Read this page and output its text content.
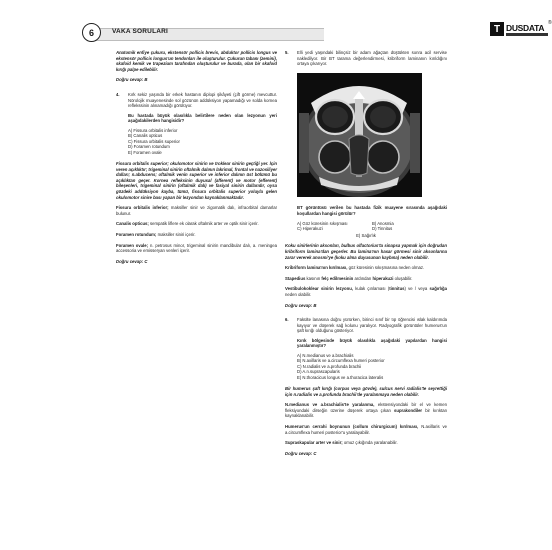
6	VAKA SORULARI	T DUSDATA ®

Anatomik enfiye çukuru, ekstensör pollicis brevis, abduktor pollicis longus ve ekstensör pollicis longus'un tendonları ile oluşturulur. Çukurun tabanı (zemini), skafoid kemik ve trapezium tarafından oluşturulur ve burada, olan bir skafoid kırığı palpe edilebilir.

Doğru cevap: B

4.	Kırk sekiz yaşında bir erkek hastanın diplopi şikâyeti (çift görme) mevcuttur. Nörolojik muayenesinde sol gözünün addüksiyon yapamadığı ve solda kornea reflekssinin alınamadığı görülüyor.

Bu hastada büyük olasılıkla belirtilere neden olan lezyonun yeri aşağıdakilerden hangisidir?

A) Fissura orbitalis inferior
B) Canalis opticus
C) Fissura orbitalis superior
D) Foramen rotundum
E) Foramen ovale

Fissura orbitalis superior; okulomotor sinirin ve troklear sinirin geçtiği yer. İçin veren açıklıktır; trigeminal sinirin oftalmik dalının lakrimal, frontal ve nazosiliyer dalları; n.abducens; oftalmik venin superior ve inferior dalının üst bölümü bu açıklıktan geçer. Kornea refleksinin duyusal (afferent) ve motor (efferent) bileşenleri, trigeminal sinirin (oftalmik dalı) ve fasiyal sinirin dallarıdır, oysa gözdeki addüksiyon kayba, tümü, fissura orbitalis superior yoluyla gelen okulomotor sinire bası yapan bir lezyondan kaynaklanmaktadır.

Fissura orbitalis inferior; maksiller sinir ve zigomatik dalı, infraorbital damarlar bulunur.

Canalis opticus; sempatik liflere ek olarak oftalmik arter ve optik sinir içerir.

Foramen rotundum; maksiller siniri içerir.

Foramen ovale; n. petrosus minor, trigeminal sinirin mandibular dalı, a. meningea accessoria ve emisseryan venleri içerir.

Doğru cevap: C

5.	Elli yedi yaşındaki bilinçsiz bir adam ağaçtan düştükten sonra acil servise nakledilyor. Bir BT tarama değerlendirmesi, kribriform laminanın kırıldığını ortaya çıkarıyor.

BT görüntüsü verilen bu hastada fizik muayene sırasında aşağıdaki koşullardan hangisi görülür?

A) Göz küresinin sıkışması	B) Anosmia
C) Hiperakuzi	D) Tinnitus

E) Sağırlık

Koku sinirlerinin aksonları, bulbus olfactorius'ta sinapsa yapmak için doğrudan kribriform lamina'dan geçerler. Bu lamina'nın hasar görmesi sinir aksonlarına zarar vererek anosmi'ye (koku alma duyusunun kaybına) neden olabilir.

Kribriform lamina'nın kırılması, göz küresinin sıkışmasına neden olmaz.

Stapedius kasının felç edilmesinin ardından hiperakuzi oluşabilir.

Vestibulokoklear sinirin lezyonu, kulak çınlaması (tinnitus) ve / veya sağırlığa neden olabilir.

Doğru cevap: B

6.	Fakülte lanasına doğru yürürken, birinci sınıf bir tıp öğrencisi ıslak kaldırımda kayıyor ve düşerek sağ kolunu yaralıyor. Radyografik görüntüler humerus'un şaft kırığı olduğunu gösteriyor.

Kırık bölgesinde büyük olasılıkla aşağıdaki yapılardan hangisi yaralanmıştır?

A) N.medianus ve a.brachialis
B) N.axillaris ve a.circumflexa humeri posterior
C) N.radialis ve a.profunda brachii
D) A.n.suprascapularis
E) N.thoracicus longus ve a.thoracica lateralis

Bir humerus şaft kırığı (corpus veya gövde), sulcus nervi radialis'te seyrettiği için n.radialis ve a.profunda brachii'de yaralanmaya neden olabilir.

N.medianus ve a.brachialis'te yaralanma, ekstensiyondaki bir el ve kemen fleksiyondaki dirseğin üzerine düşerek ortaya çıkan suprakondiler bir kırıktan kaynaklanabilir.

Humerus'un cerrahi boynunun (collum chirurgicum) kırılması, N.axillaris ve a.circumflexa humeri posterior'u yaralayabilir.

Supraskapular arter ve sinir; omuz çıkığında yaralanabilir.

Doğru cevap: C
